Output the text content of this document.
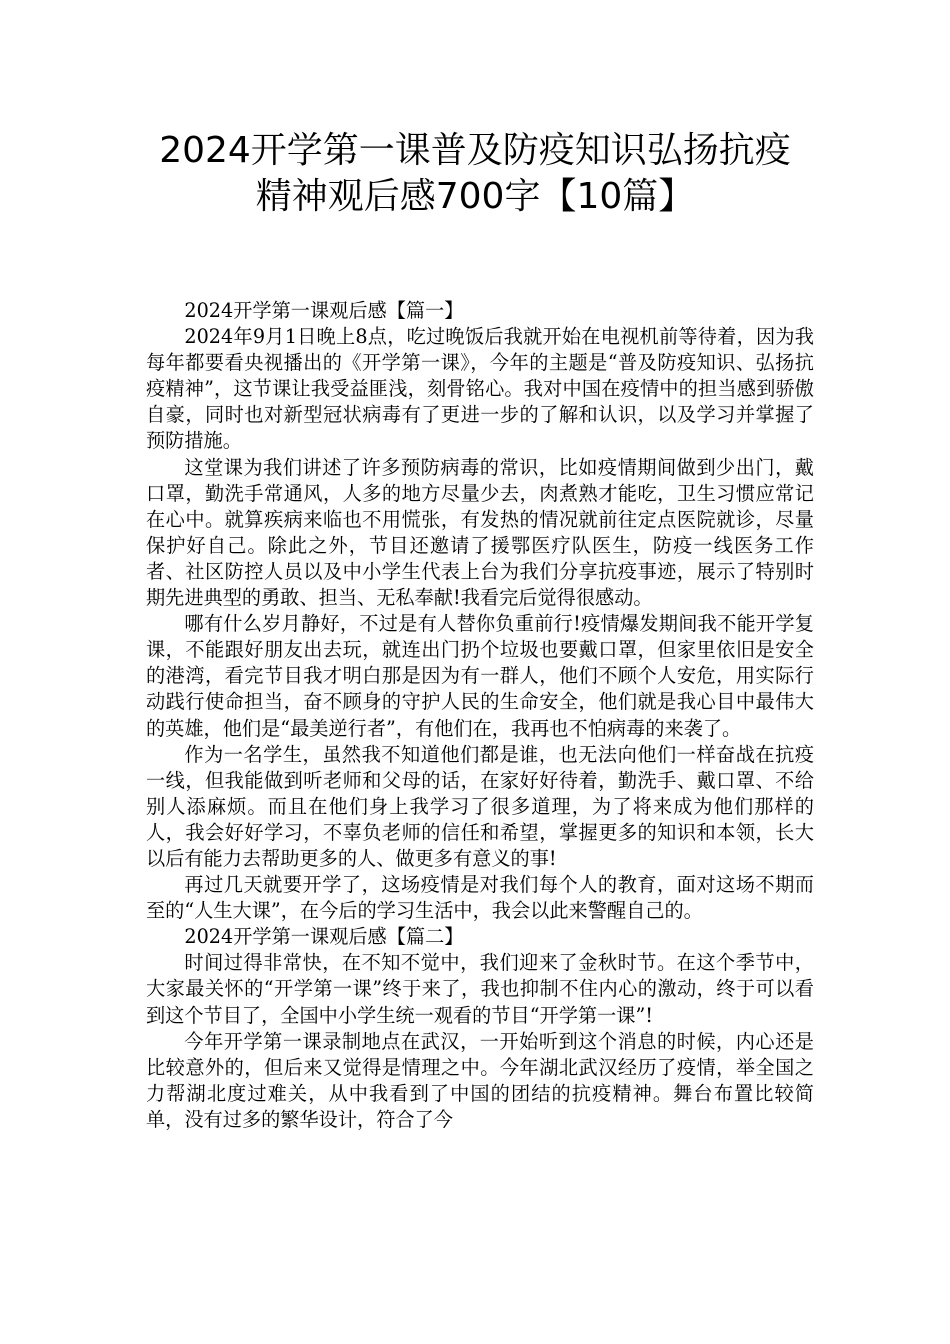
2024开学第一课普及防疫知识弘扬抗疫
精神观后感700字【10篇】

2024开学第一课观后感【篇一】

2024年9月1日晚上8点，吃过晚饭后我就开始在电视机前等待着，因为我每年都要看央视播出的《开学第一课》，今年的主题是“普及防疫知识、弘扬抗疫精神”，这节课让我受益匪浅，刻骨铭心。我对中国在疫情中的担当感到骄傲自豪，同时也对新型冠状病毒有了更进一步的了解和认识，以及学习并掌握了预防措施。

这堂课为我们讲述了许多预防病毒的常识，比如疫情期间做到少出门，戴口罩，勤洗手常通风，人多的地方尽量少去，肉煮熟才能吃，卫生习惯应常记在心中。就算疾病来临也不用慌张，有发热的情况就前往定点医院就诊，尽量保护好自己。除此之外，节目还邀请了援鄂医疗队医生，防疫一线医务工作者、社区防控人员以及中小学生代表上台为我们分享抗疫事迹，展示了特别时期先进典型的勇敢、担当、无私奉献!我看完后觉得很感动。

哪有什么岁月静好，不过是有人替你负重前行!疫情爆发期间我不能开学复课，不能跟好朋友出去玩，就连出门扔个垃圾也要戴口罩，但家里依旧是安全的港湾，看完节目我才明白那是因为有一群人，他们不顾个人安危，用实际行动践行使命担当，奋不顾身的守护人民的生命安全，他们就是我心目中最伟大的英雄，他们是“最美逆行者”，有他们在，我再也不怕病毒的来袭了。

作为一名学生，虽然我不知道他们都是谁，也无法向他们一样奋战在抗疫一线，但我能做到听老师和父母的话，在家好好待着，勤洗手、戴口罩、不给别人添麻烦。而且在他们身上我学习了很多道理，为了将来成为他们那样的人，我会好好学习，不辜负老师的信任和希望，掌握更多的知识和本领，长大以后有能力去帮助更多的人、做更多有意义的事!

再过几天就要开学了，这场疫情是对我们每个人的教育，面对这场不期而至的“人生大课”，在今后的学习生活中，我会以此来警醒自己的。

2024开学第一课观后感【篇二】

时间过得非常快，在不知不觉中，我们迎来了金秋时节。在这个季节中，大家最关怀的“开学第一课”终于来了，我也抑制不住内心的激动，终于可以看到这个节目了，全国中小学生统一观看的节目“开学第一课”!

今年开学第一课录制地点在武汉，一开始听到这个消息的时候，内心还是比较意外的，但后来又觉得是情理之中。今年湖北武汉经历了疫情，举全国之力帮湖北度过难关，从中我看到了中国的团结的抗疫精神。舞台布置比较简单，没有过多的繁华设计，符合了今
